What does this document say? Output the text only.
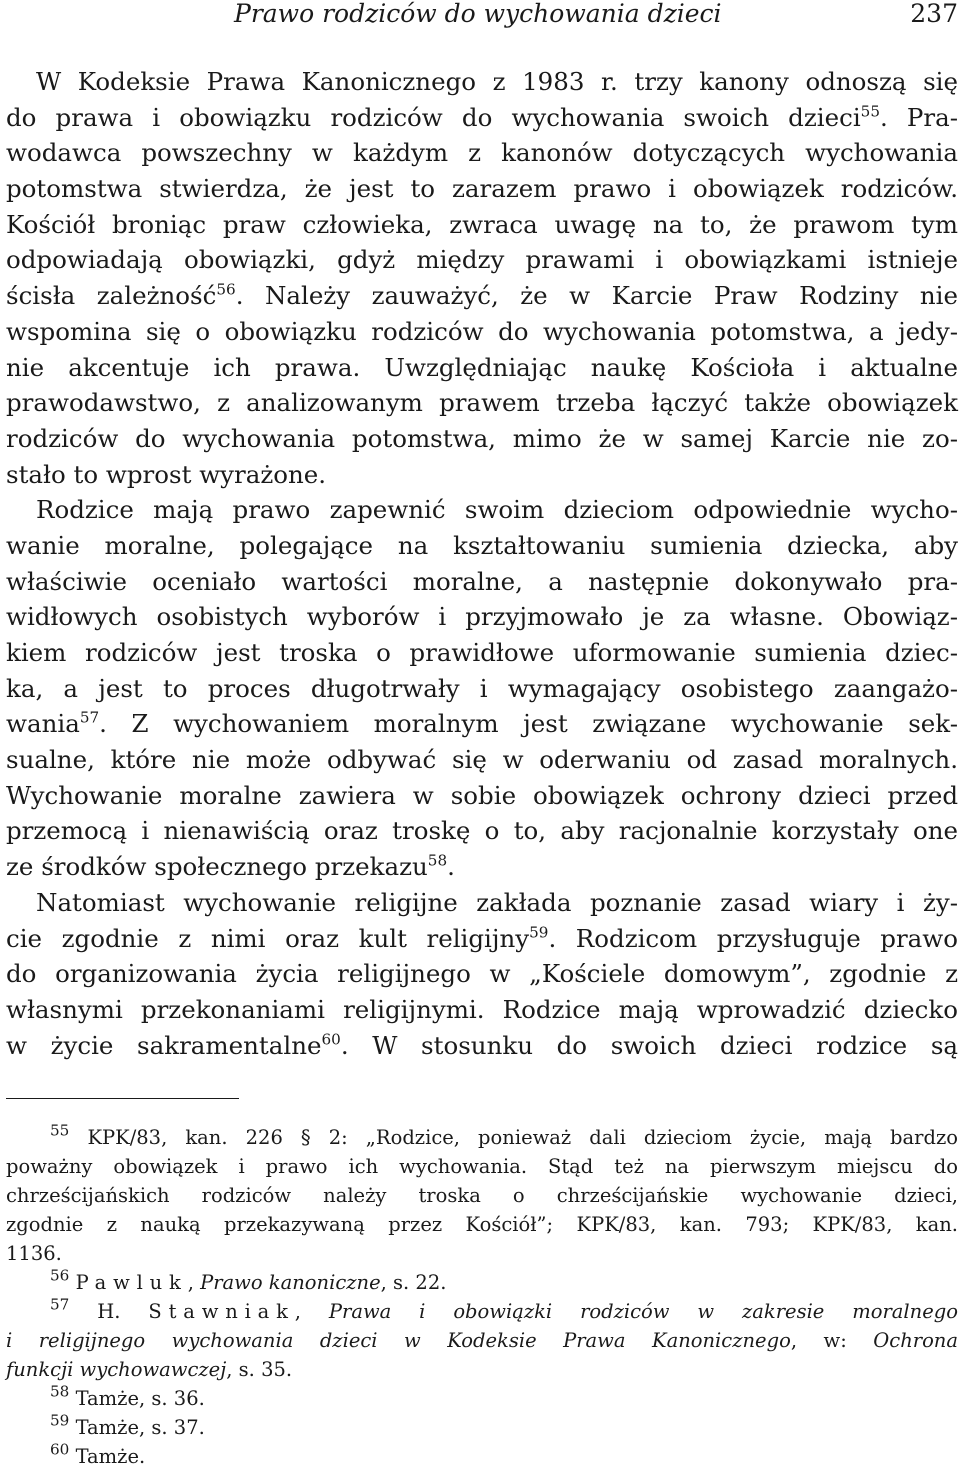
Prawo rodziców do wychowania dzieci	237
W Kodeksie Prawa Kanonicznego z 1983 r. trzy kanony odnoszą się
do prawa i obowiązku rodziców do wychowania swoich dzieci$^{55}$. Pra-
wodawca powszechny w każdym z kanonów dotyczących wychowania
potomstwa stwierdza, że jest to zarazem prawo i obowiązek rodziców.
Kościół broniąc praw człowieka, zwraca uwagę na to, że prawom tym
odpowiadają obowiązki, gdyż między prawami i obowiązkami istnieje
ścisła zależność$^{56}$. Należy zauważyć, że w Karcie Praw Rodziny nie
wspomina się o obowiązku rodziców do wychowania potomstwa, a jedy-
nie akcentuje ich prawa. Uwzględniając naukę Kościoła i aktualne
prawodawstwo, z analizowanym prawem trzeba łączyć także obowiązek
rodziców do wychowania potomstwa, mimo że w samej Karcie nie zo-
stało to wprost wyrażone.
Rodzice mają prawo zapewnić swoim dzieciom odpowiednie wycho-
wanie moralne, polegające na kształtowaniu sumienia dziecka, aby
właściwie oceniało wartości moralne, a następnie dokonywało pra-
widłowych osobistych wyborów i przyjmowało je za własne. Obowiąz-
kiem rodziców jest troska o prawidłowe uformowanie sumienia dziec-
ka, a jest to proces długotrwały i wymagający osobistego zaangażo-
wania$^{57}$. Z wychowaniem moralnym jest związane wychowanie sek-
sualne, które nie może odbywać się w oderwaniu od zasad moralnych.
Wychowanie moralne zawiera w sobie obowiązek ochrony dzieci przed
przemocą i nienawiścią oraz troskę o to, aby racjonalnie korzystały one
ze środków społecznego przekazu$^{58}$.
Natomiast wychowanie religijne zakłada poznanie zasad wiary i ży-
cie zgodnie z nimi oraz kult religijny$^{59}$. Rodzicom przysługuje prawo
do organizowania życia religijnego w „Kościele domowym”, zgodnie z
własnymi przekonaniami religijnymi. Rodzice mają wprowadzić dziecko
w życie sakramentalne$^{60}$. W stosunku do swoich dzieci rodzice są
$^{55}$ KPK/83, kan. 226 § 2: „Rodzice, ponieważ dali dzieciom życie, mają bardzo
poważny obowiązek i prawo ich wychowania. Stąd też na pierwszym miejscu do
chrześcijańskich rodziców należy troska o chrześcijańskie wychowanie dzieci,
zgodnie z nauką przekazywaną przez Kościół”; KPK/83, kan. 793; KPK/83, kan.
1136.
$^{56}$ Pawluk, Prawo kanoniczne, s. 22.
$^{57}$ H. Stawniak, Prawa i obowiązki rodziców w zakresie moralnego
i religijnego wychowania dzieci w Kodeksie Prawa Kanonicznego, w: Ochrona
funkcji wychowawczej, s. 35.
$^{58}$ Tamże, s. 36.
$^{59}$ Tamże, s. 37.
$^{60}$ Tamże.
